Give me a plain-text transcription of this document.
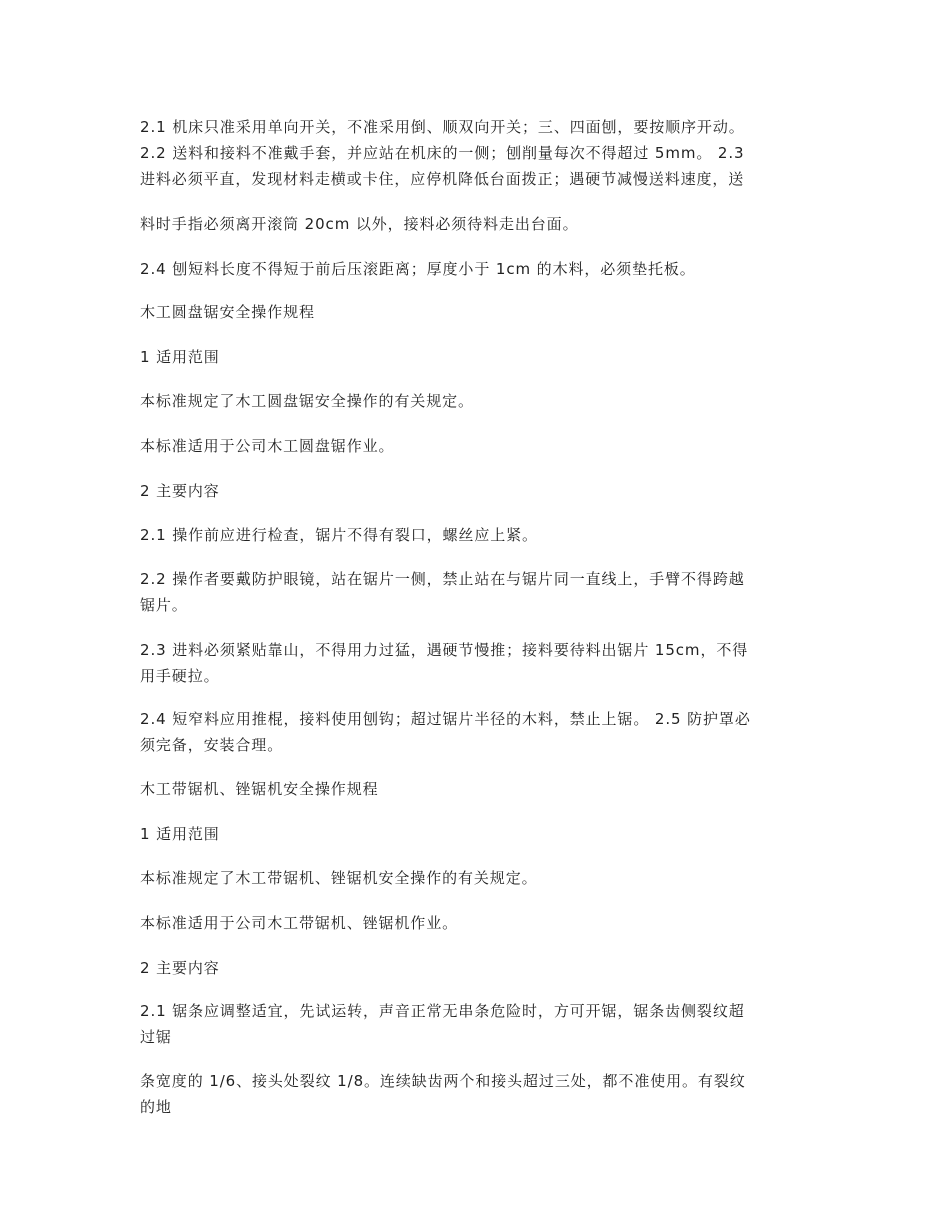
2.1 机床只准采用单向开关，不准采用倒、顺双向开关；三、四面刨，要按顺序开动。
2.2 送料和接料不准戴手套，并应站在机床的一侧；刨削量每次不得超过 5mm。 2.3
进料必须平直，发现材料走横或卡住，应停机降低台面拨正；遇硬节减慢送料速度，送
料时手指必须离开滚筒 20cm 以外，接料必须待料走出台面。
2.4 刨短料长度不得短于前后压滚距离；厚度小于 1cm 的木料，必须垫托板。
木工圆盘锯安全操作规程
1 适用范围
本标准规定了木工圆盘锯安全操作的有关规定。
本标准适用于公司木工圆盘锯作业。
2 主要内容
2.1 操作前应进行检查，锯片不得有裂口，螺丝应上紧。
2.2 操作者要戴防护眼镜，站在锯片一侧，禁止站在与锯片同一直线上，手臂不得跨越
锯片。
2.3 进料必须紧贴靠山，不得用力过猛，遇硬节慢推；接料要待料出锯片 15cm，不得
用手硬拉。
2.4 短窄料应用推棍，接料使用刨钩；超过锯片半径的木料，禁止上锯。 2.5 防护罩必
须完备，安装合理。
木工带锯机、锉锯机安全操作规程
1 适用范围
本标准规定了木工带锯机、锉锯机安全操作的有关规定。
本标准适用于公司木工带锯机、锉锯机作业。
2 主要内容
2.1 锯条应调整适宜，先试运转，声音正常无串条危险时，方可开锯，锯条齿侧裂纹超
过锯
条宽度的 1/6、接头处裂纹 1/8。连续缺齿两个和接头超过三处，都不准使用。有裂纹
的地
